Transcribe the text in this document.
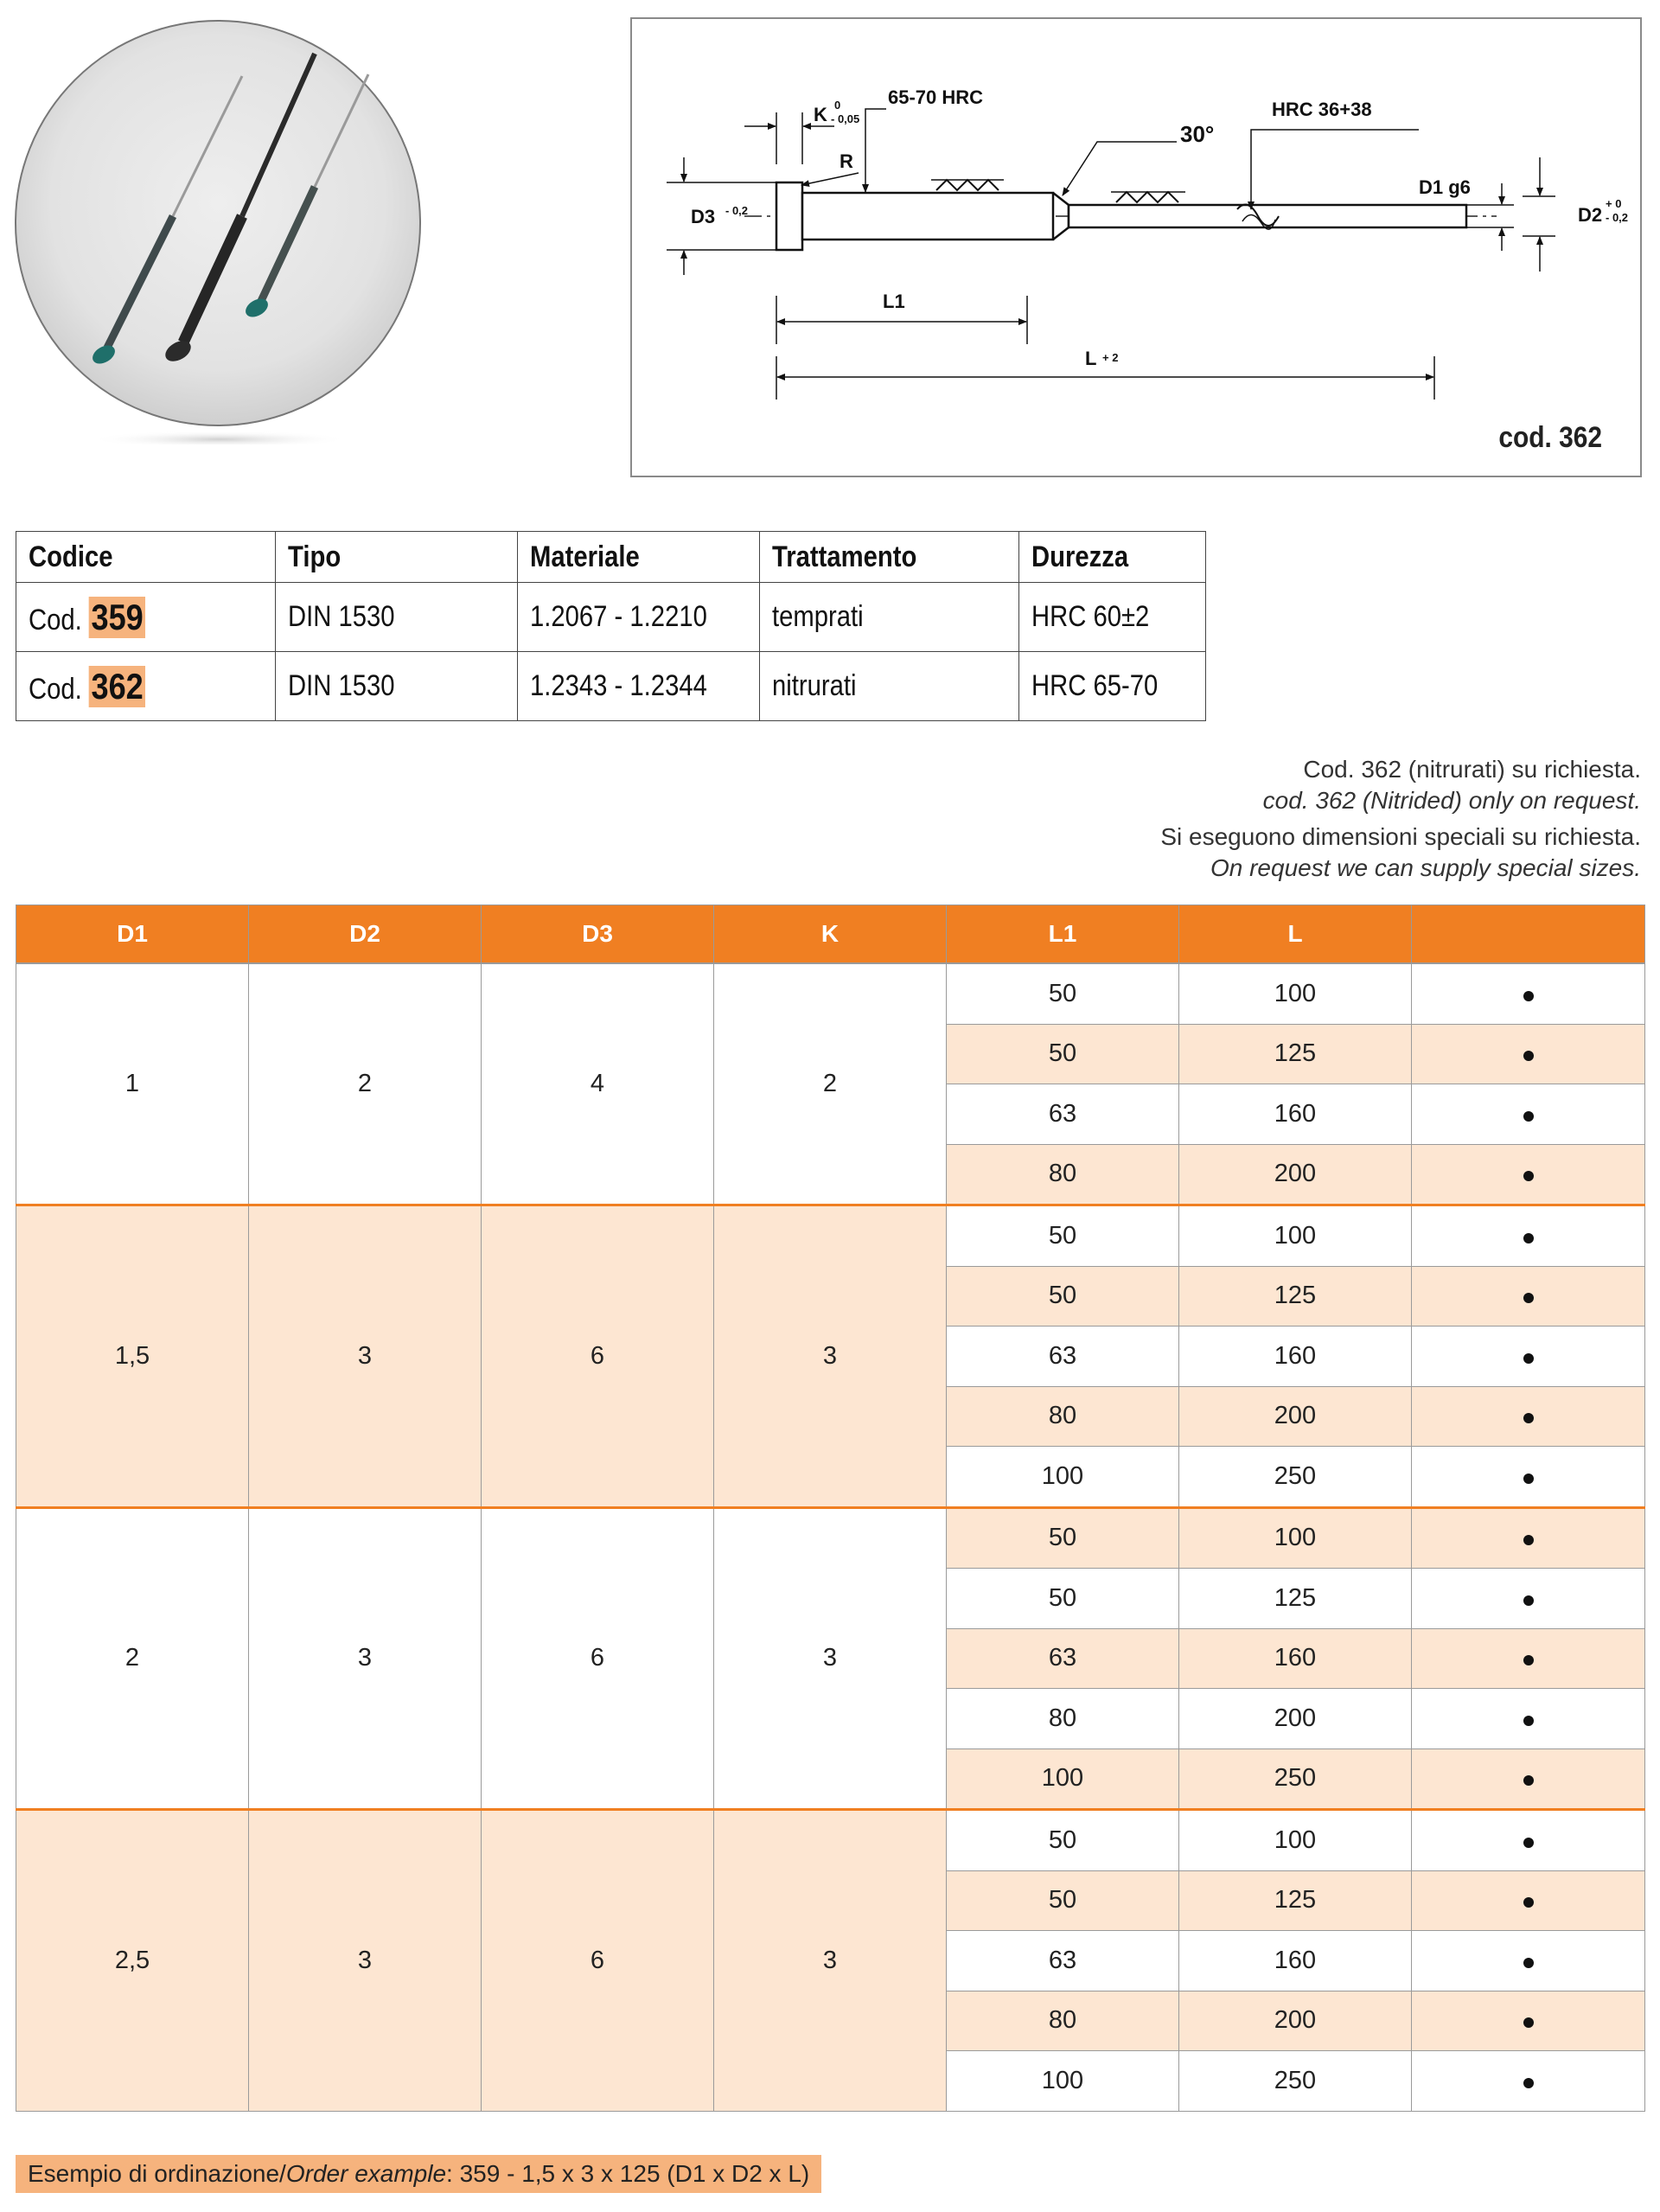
K 0
- 0,05
R
65-70 HRC
30°
HRC 36+38
D3 - 0,2
D1 g6
D2
+ 0
- 0,2
L1
L + 2
cod. 362
Codice	Tipo	Materiale	Trattamento	Durezza
Cod. 359	DIN 1530	1.2067 - 1.2210	temprati	HRC 60±2
Cod. 362	DIN 1530	1.2343 - 1.2344	nitrurati	HRC 65-70
Cod. 362 (nitrurati) su richiesta.
cod. 362 (Nitrided) only on request.
Si eseguono dimensioni speciali su richiesta.
On request we can supply special sizes.
D1	D2	D3	K	L1	L	
1	2	4	2	50	100	
				50	125	
				63	160	
				80	200	
1,5	3	6	3	50	100	
				50	125	
				63	160	
				80	200	
				100	250	
2	3	6	3	50	100	
				50	125	
				63	160	
				80	200	
				100	250	
2,5	3	6	3	50	100	
				50	125	
				63	160	
				80	200	
				100	250	
Esempio di ordinazione/Order example: 359 - 1,5 x 3 x 125 (D1 x D2 x L)
